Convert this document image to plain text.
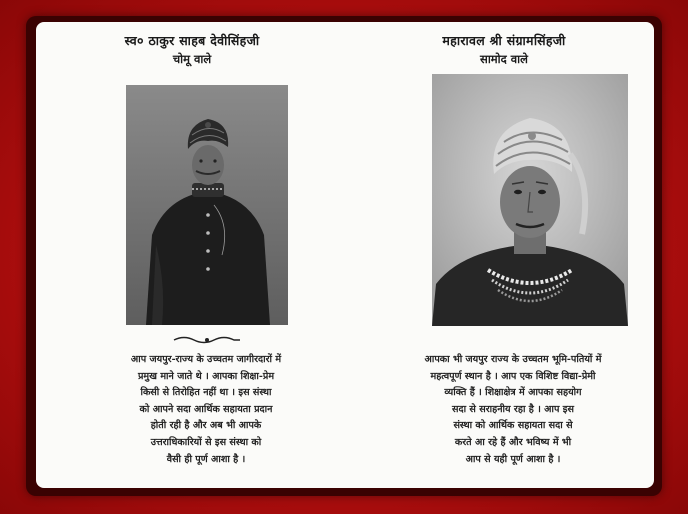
स्व० ठाकुर साहब देवीसिंहजी
चोमू वाले
आप जयपुर-राज्य के उच्चतम जागीरदारों में
प्रमुख माने जाते थे । आपका शिक्षा-प्रेम
किसी से तिरोहित नहीं था । इस संस्था
को आपने सदा आर्थिक सहायता प्रदान
होती रही है और अब भी आपके
उत्तराधिकारियों से इस संस्था को
वैसी ही पूर्ण आशा है ।
महारावल श्री संग्रामसिंहजी
सामोद वाले
आपका भी जयपुर राज्य के उच्चतम भूमि-पतियों में
महत्वपूर्ण स्थान है । आप एक विशिष्ट विद्या-प्रेमी
व्यक्ति हैं । शिक्षाक्षेत्र में आपका सहयोग
सदा से सराहनीय रहा है । आप इस
संस्था को आर्थिक सहायता सदा से
करते आ रहे हैं और भविष्य में भी
आप से यही पूर्ण आशा है ।
